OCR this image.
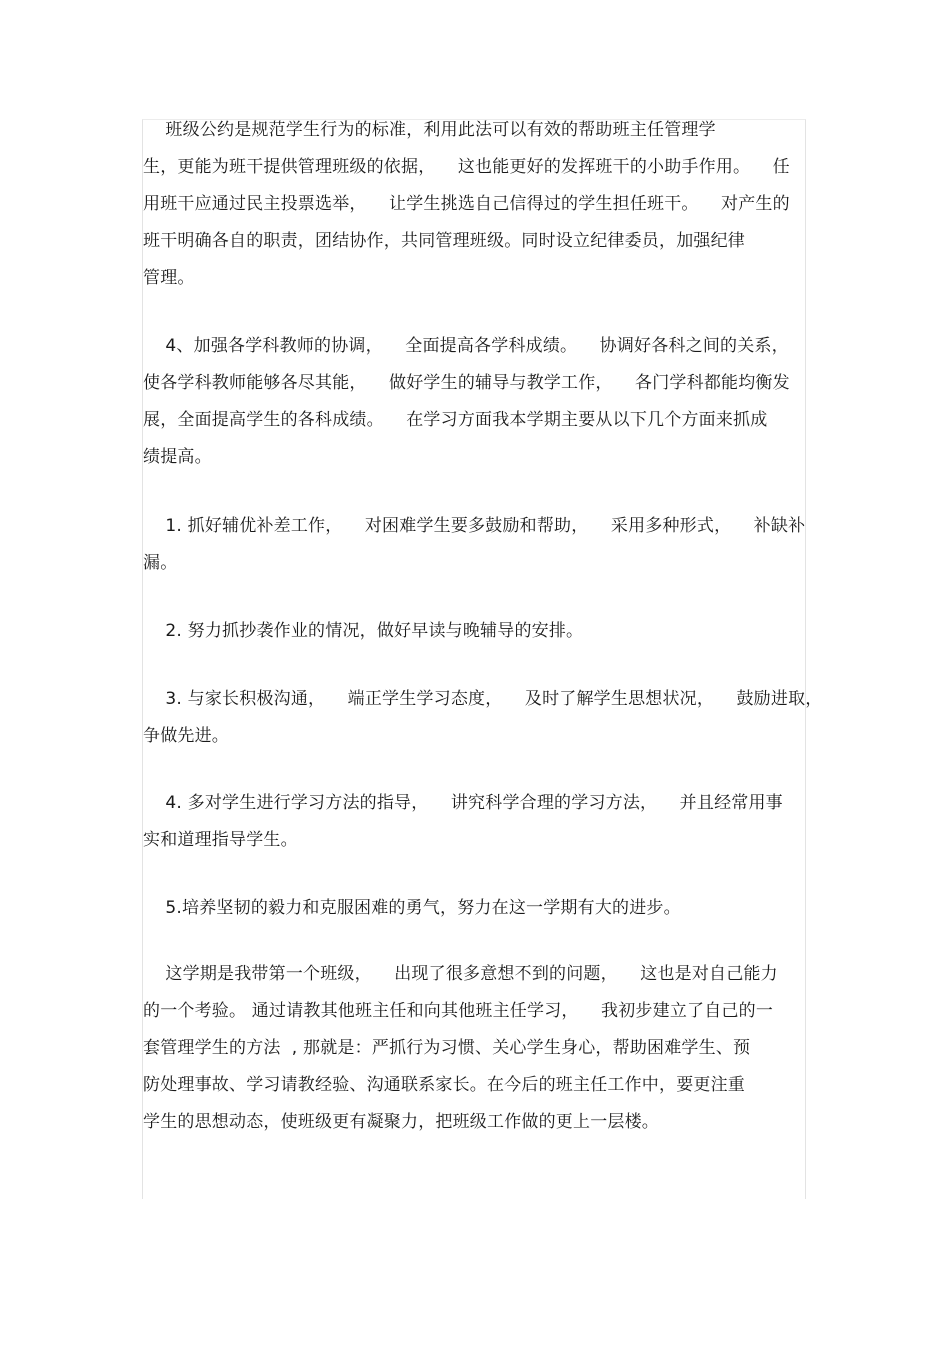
班级公约是规范学生行为的标准，利用此法可以有效的帮助班主任管理学

生，更能为班干提供管理班级的依据，    这也能更好的发挥班干的小助手作用。    任

用班干应通过民主投票选举，    让学生挑选自己信得过的学生担任班干。    对产生的

班干明确各自的职责，团结协作，共同管理班级。同时设立纪律委员，加强纪律

管理。

4、加强各学科教师的协调，    全面提高各学科成绩。    协调好各科之间的关系，

使各学科教师能够各尽其能，    做好学生的辅导与教学工作，    各门学科都能均衡发

展，全面提高学生的各科成绩。    在学习方面我本学期主要从以下几个方面来抓成

绩提高。

1. 抓好辅优补差工作，    对困难学生要多鼓励和帮助，    采用多种形式，    补缺补

漏。

2. 努力抓抄袭作业的情况，做好早读与晚辅导的安排。

3. 与家长积极沟通，    端正学生学习态度，    及时了解学生思想状况，    鼓励进取，

争做先进。

4. 多对学生进行学习方法的指导，    讲究科学合理的学习方法，    并且经常用事

实和道理指导学生。

5.培养坚韧的毅力和克服困难的勇气，努力在这一学期有大的进步。

这学期是我带第一个班级，    出现了很多意想不到的问题，    这也是对自己能力

的一个考验。 通过请教其他班主任和向其他班主任学习，    我初步建立了自己的一

套管理学生的方法  , 那就是：严抓行为习惯、关心学生身心，帮助困难学生、预

防处理事故、学习请教经验、沟通联系家长。在今后的班主任工作中，要更注重

学生的思想动态，使班级更有凝聚力，把班级工作做的更上一层楼。
